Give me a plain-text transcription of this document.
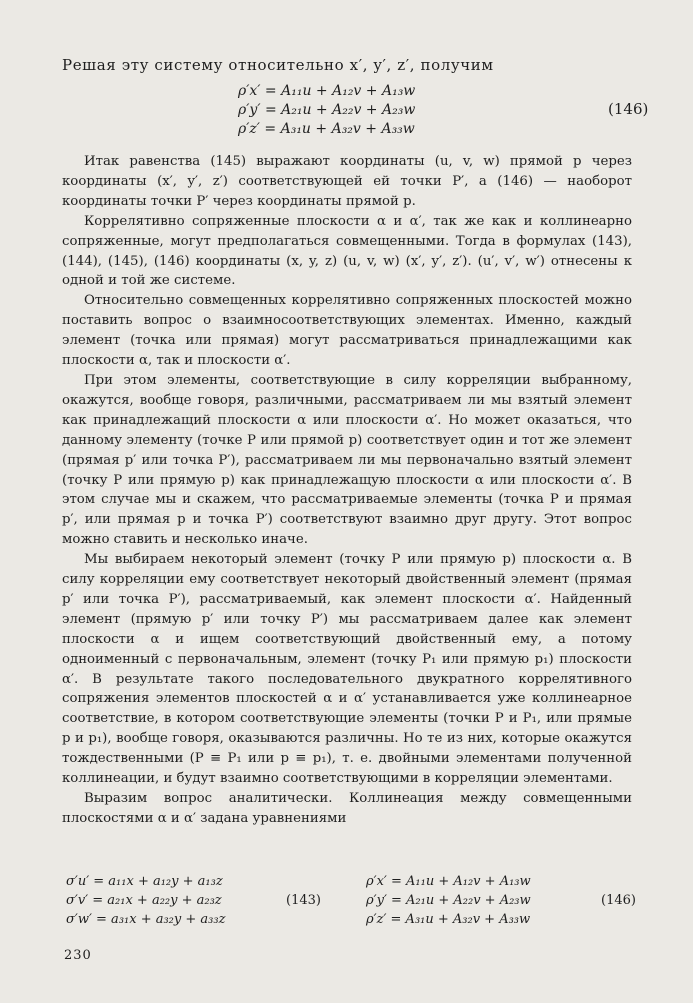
Решая эту систему относительно x′, y′, z′, получим
ρ′x′ = A₁₁u + A₁₂v + A₁₃w
ρ′y′ = A₂₁u + A₂₂v + A₂₃w
ρ′z′ = A₃₁u + A₃₂v + A₃₃w
(146)

Итак равенства (145) выражают координаты (u, v, w) прямой p через координаты (x′, y′, z′) соответствующей ей точки P′, а (146) — наоборот координаты точки P′ через координаты прямой p.

Коррелятивно сопряженные плоскости α и α′, так же как и коллинеарно сопряженные, могут предполагаться совмещенными. Тогда в формулах (143), (144), (145), (146) координаты (x, y, z) (u, v, w) (x′, y′, z′). (u′, v′, w′) отнесены к одной и той же системе.

Относительно совмещенных коррелятивно сопряженных плоскостей можно поставить вопрос о взаимносоответствующих элементах. Именно, каждый элемент (точка или прямая) могут рассматриваться принадлежащими как плоскости α, так и плоскости α′.

При этом элементы, соответствующие в силу корреляции выбранному, окажутся, вообще говоря, различными, рассматриваем ли мы взятый элемент как принадлежащий плоскости α или плоскости α′. Но может оказаться, что данному элементу (точке P или прямой p) соответствует один и тот же элемент (прямая p′ или точка P′), рассматриваем ли мы первоначально взятый элемент (точку P или прямую p) как принадлежащую плоскости α или плоскости α′. В этом случае мы и скажем, что рассматриваемые элементы (точка P и прямая p′, или прямая p и точка P′) соответствуют взаимно друг другу. Этот вопрос можно ставить и несколько иначе.

Мы выбираем некоторый элемент (точку P или прямую p) плоскости α. В силу корреляции ему соответствует некоторый двойственный элемент (прямая p′ или точка P′), рассматриваемый, как элемент плоскости α′. Найденный элемент (прямую p′ или точку P′) мы рассматриваем далее как элемент плоскости α и ищем соответствующий двойственный ему, а потому одноименный с первоначальным, элемент (точку P₁ или прямую p₁) плоскости α′. В результате такого последовательного двукратного коррелятивного сопряжения элементов плоскостей α и α′ устанавливается уже коллинеарное соответствие, в котором соответствующие элементы (точки P и P₁, или прямые p и p₁), вообще говоря, оказываются различны. Но те из них, которые окажутся тождественными (P ≡ P₁ или p ≡ p₁), т. е. двойными элементами полученной коллинеации, и будут взаимно соответствующими в корреляции элементами.

Выразим вопрос аналитически. Коллинеация между совмещенными плоскостями α и α′ задана уравнениями

σ′u′ = a₁₁x + a₁₂y + a₁₃z
σ′v′ = a₂₁x + a₂₂y + a₂₃z
σ′w′ = a₃₁x + a₃₂y + a₃₃z
(143)
ρ′x′ = A₁₁u + A₁₂v + A₁₃w
ρ′y′ = A₂₁u + A₂₂v + A₂₃w
ρ′z′ = A₃₁u + A₃₂v + A₃₃w
(146)
230
